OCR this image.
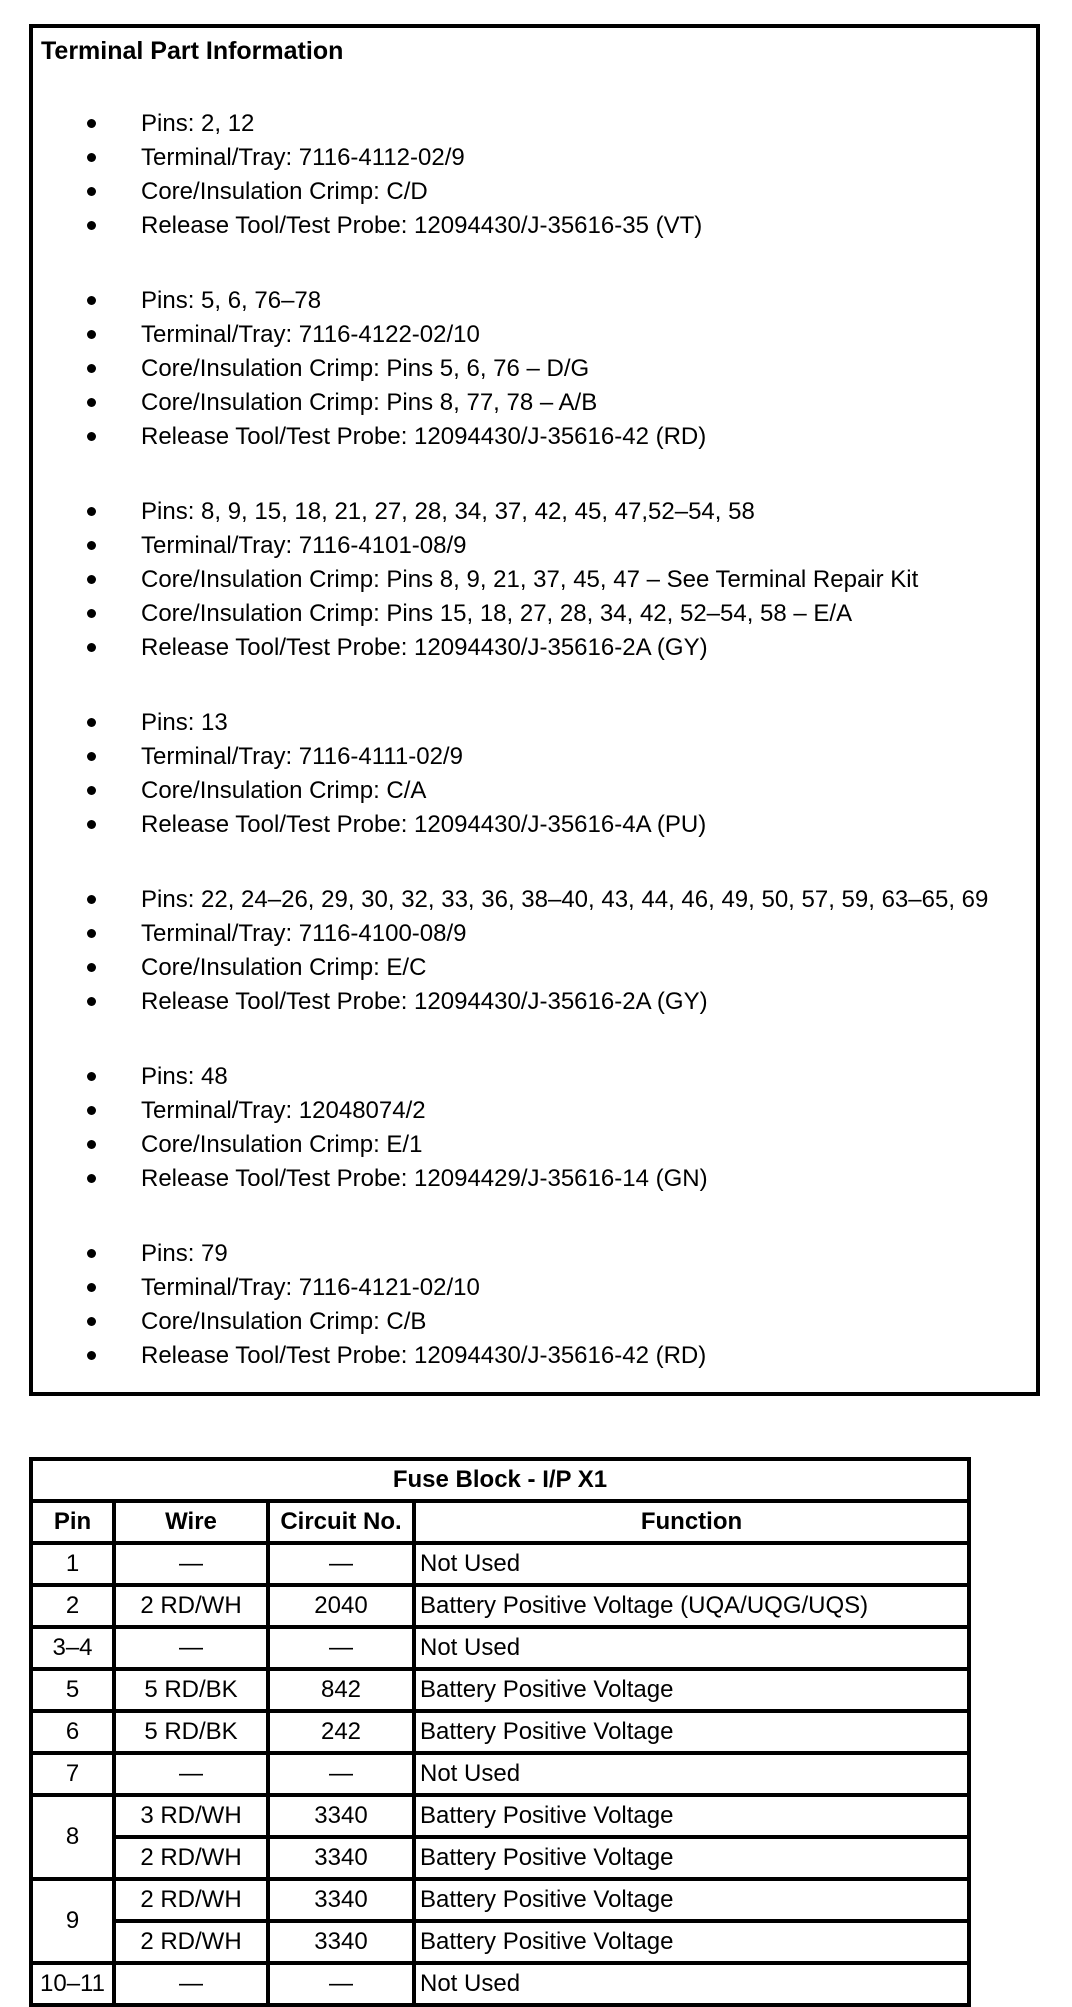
Terminal Part Information
Pins: 2, 12
Terminal/Tray: 7116-4112-02/9
Core/Insulation Crimp: C/D
Release Tool/Test Probe: 12094430/J-35616-35 (VT)
Pins: 5, 6, 76–78
Terminal/Tray: 7116-4122-02/10
Core/Insulation Crimp: Pins 5, 6, 76 – D/G
Core/Insulation Crimp: Pins 8, 77, 78 – A/B
Release Tool/Test Probe: 12094430/J-35616-42 (RD)
Pins: 8, 9, 15, 18, 21, 27, 28, 34, 37, 42, 45, 47,52–54, 58
Terminal/Tray: 7116-4101-08/9
Core/Insulation Crimp: Pins 8, 9, 21, 37, 45, 47 – See Terminal Repair Kit
Core/Insulation Crimp: Pins 15, 18, 27, 28, 34, 42, 52–54, 58 – E/A
Release Tool/Test Probe: 12094430/J-35616-2A (GY)
Pins: 13
Terminal/Tray: 7116-4111-02/9
Core/Insulation Crimp: C/A
Release Tool/Test Probe: 12094430/J-35616-4A (PU)
Pins: 22, 24–26, 29, 30, 32, 33, 36, 38–40, 43, 44, 46, 49, 50, 57, 59, 63–65, 69
Terminal/Tray: 7116-4100-08/9
Core/Insulation Crimp: E/C
Release Tool/Test Probe: 12094430/J-35616-2A (GY)
Pins: 48
Terminal/Tray: 12048074/2
Core/Insulation Crimp: E/1
Release Tool/Test Probe: 12094429/J-35616-14 (GN)
Pins: 79
Terminal/Tray: 7116-4121-02/10
Core/Insulation Crimp: C/B
Release Tool/Test Probe: 12094430/J-35616-42 (RD)
Fuse Block - I/P X1			
Pin	Wire	Circuit No.	Function
1	—	—	Not Used
2	2 RD/WH	2040	Battery Positive Voltage (UQA/UQG/UQS)
3–4	—	—	Not Used
5	5 RD/BK	842	Battery Positive Voltage
6	5 RD/BK	242	Battery Positive Voltage
7	—	—	Not Used
8	3 RD/WH	3340	Battery Positive Voltage
	2 RD/WH	3340	Battery Positive Voltage
9	2 RD/WH	3340	Battery Positive Voltage
	2 RD/WH	3340	Battery Positive Voltage
10–11	—	—	Not Used
